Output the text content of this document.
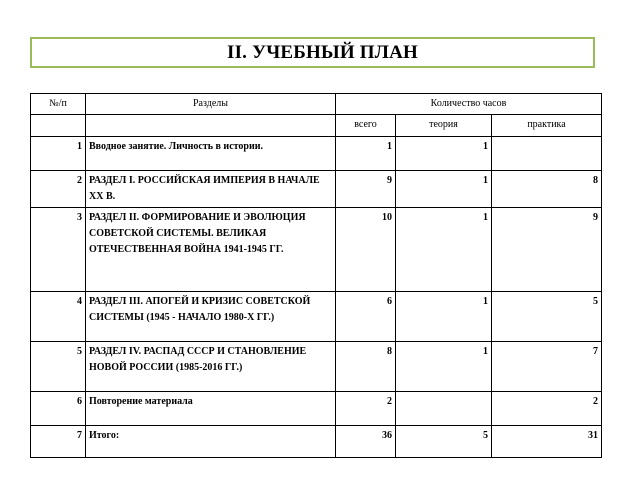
II. УЧЕБНЫЙ ПЛАН
№/п	Разделы	Количество часов		
		всего	теория	практика
1	Вводное занятие. Личность в истории.	1	1	
2	РАЗДЕЛ I. РОССИЙСКАЯ ИМПЕРИЯ В НАЧАЛЕ XX В.	9	1	8
3	РАЗДЕЛ II. ФОРМИРОВАНИЕ И ЭВОЛЮЦИЯ СОВЕТСКОЙ СИСТЕМЫ. ВЕЛИКАЯ ОТЕЧЕСТВЕННАЯ ВОЙНА 1941-1945 ГГ.	10	1	9
4	РАЗДЕЛ III. АПОГЕЙ И КРИЗИС СОВЕТСКОЙ СИСТЕМЫ (1945 - НАЧАЛО 1980-Х ГГ.)	6	1	5
5	РАЗДЕЛ IV. РАСПАД СССР И СТАНОВЛЕНИЕ НОВОЙ РОССИИ (1985-2016 ГГ.)	8	1	7
6	Повторение материала	2		2
7	Итого:	36	5	31
